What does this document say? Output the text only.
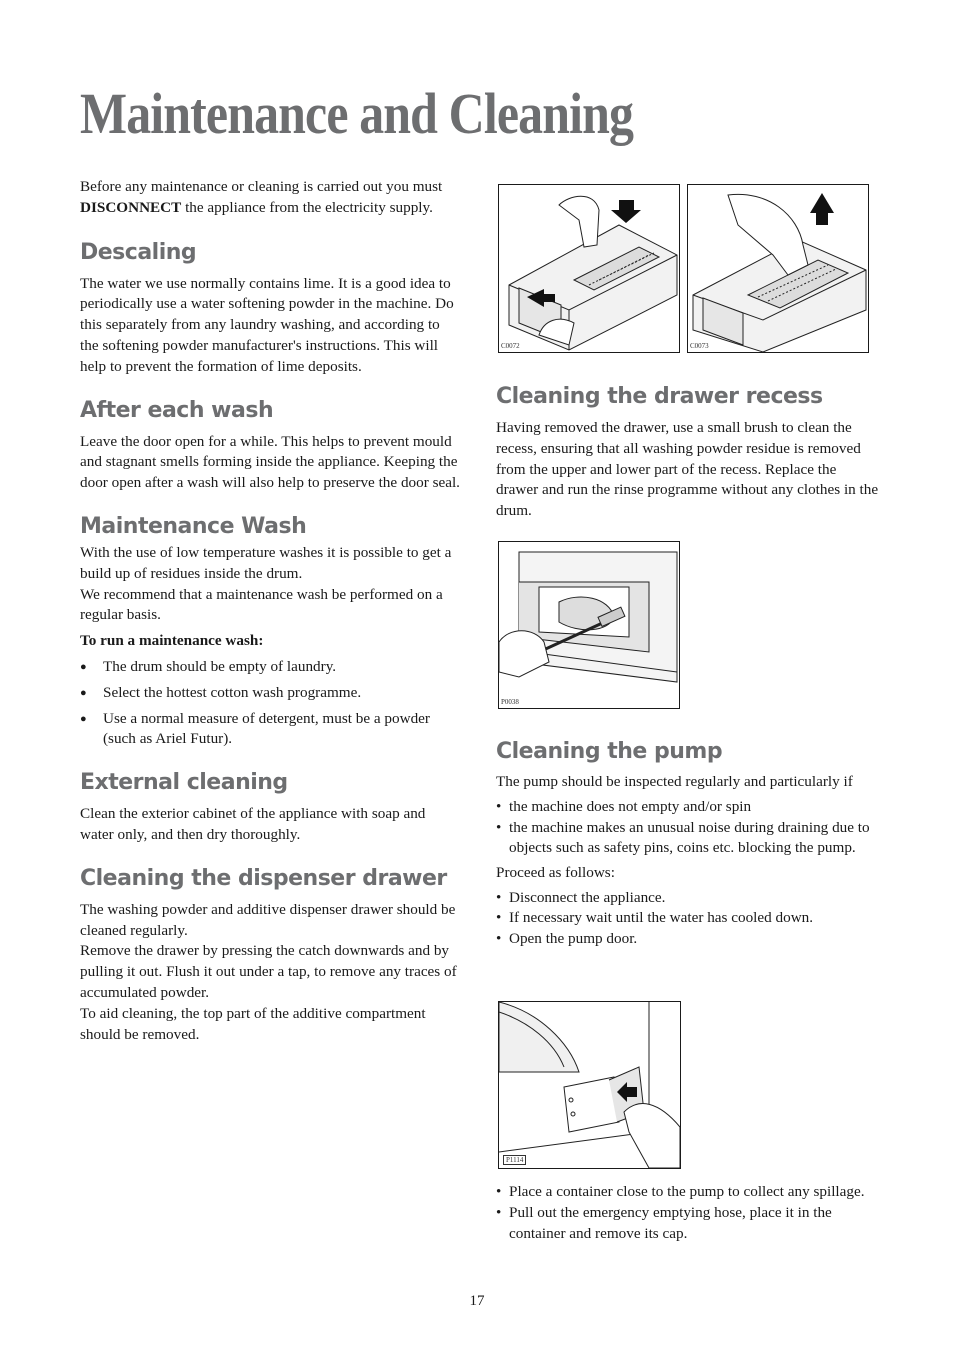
Maintenance and Cleaning

Before any maintenance or cleaning is carried out you must DISCONNECT the appliance from the electricity supply.

Descaling

The water we use normally contains lime. It is a good idea to periodically use a water softening powder in the machine. Do this separately from any laundry washing, and according to the softening powder manufacturer's instructions. This will help to prevent the formation of lime deposits.

After each wash

Leave the door open for a while. This helps to prevent mould and stagnant smells forming inside the appliance. Keeping the door open after a wash will also help to preserve the door seal.

Maintenance Wash

With the use of low temperature washes it is possible to get a build up of residues inside the drum.

We recommend that a maintenance wash be performed on a regular basis.

To run a maintenance wash:

● The drum should be empty of laundry.
● Select the hottest cotton wash programme.
● Use a normal measure of detergent, must be a powder (such as Ariel Futur).
External cleaning

Clean the exterior cabinet of the appliance with soap and water only, and then dry thoroughly.

Cleaning the dispenser drawer

The washing powder and additive dispenser drawer should be cleaned regularly.

Remove the drawer by pressing the catch downwards and by pulling it out. Flush it out under a tap, to remove any traces of accumulated powder.

To aid cleaning, the top part of the additive compartment should be removed.

C0072	C0073
Cleaning the drawer recess

Having removed the drawer, use a small brush to clean the recess, ensuring that all washing powder residue is removed from the upper and lower part of the recess. Replace the drawer and run the rinse programme without any clothes in the drum.

P0038
Cleaning the pump

The pump should be inspected regularly and particularly if

• the machine does not empty and/or spin
• the machine makes an unusual noise during draining due to objects such as safety pins, coins etc. blocking the pump.

Proceed as follows:

• Disconnect the appliance.
• If necessary wait until the water has cooled down.
• Open the pump door.
P1114
• Place a container close to the pump to collect any spillage.
• Pull out the emergency emptying hose, place it in the container and remove its cap.
17
